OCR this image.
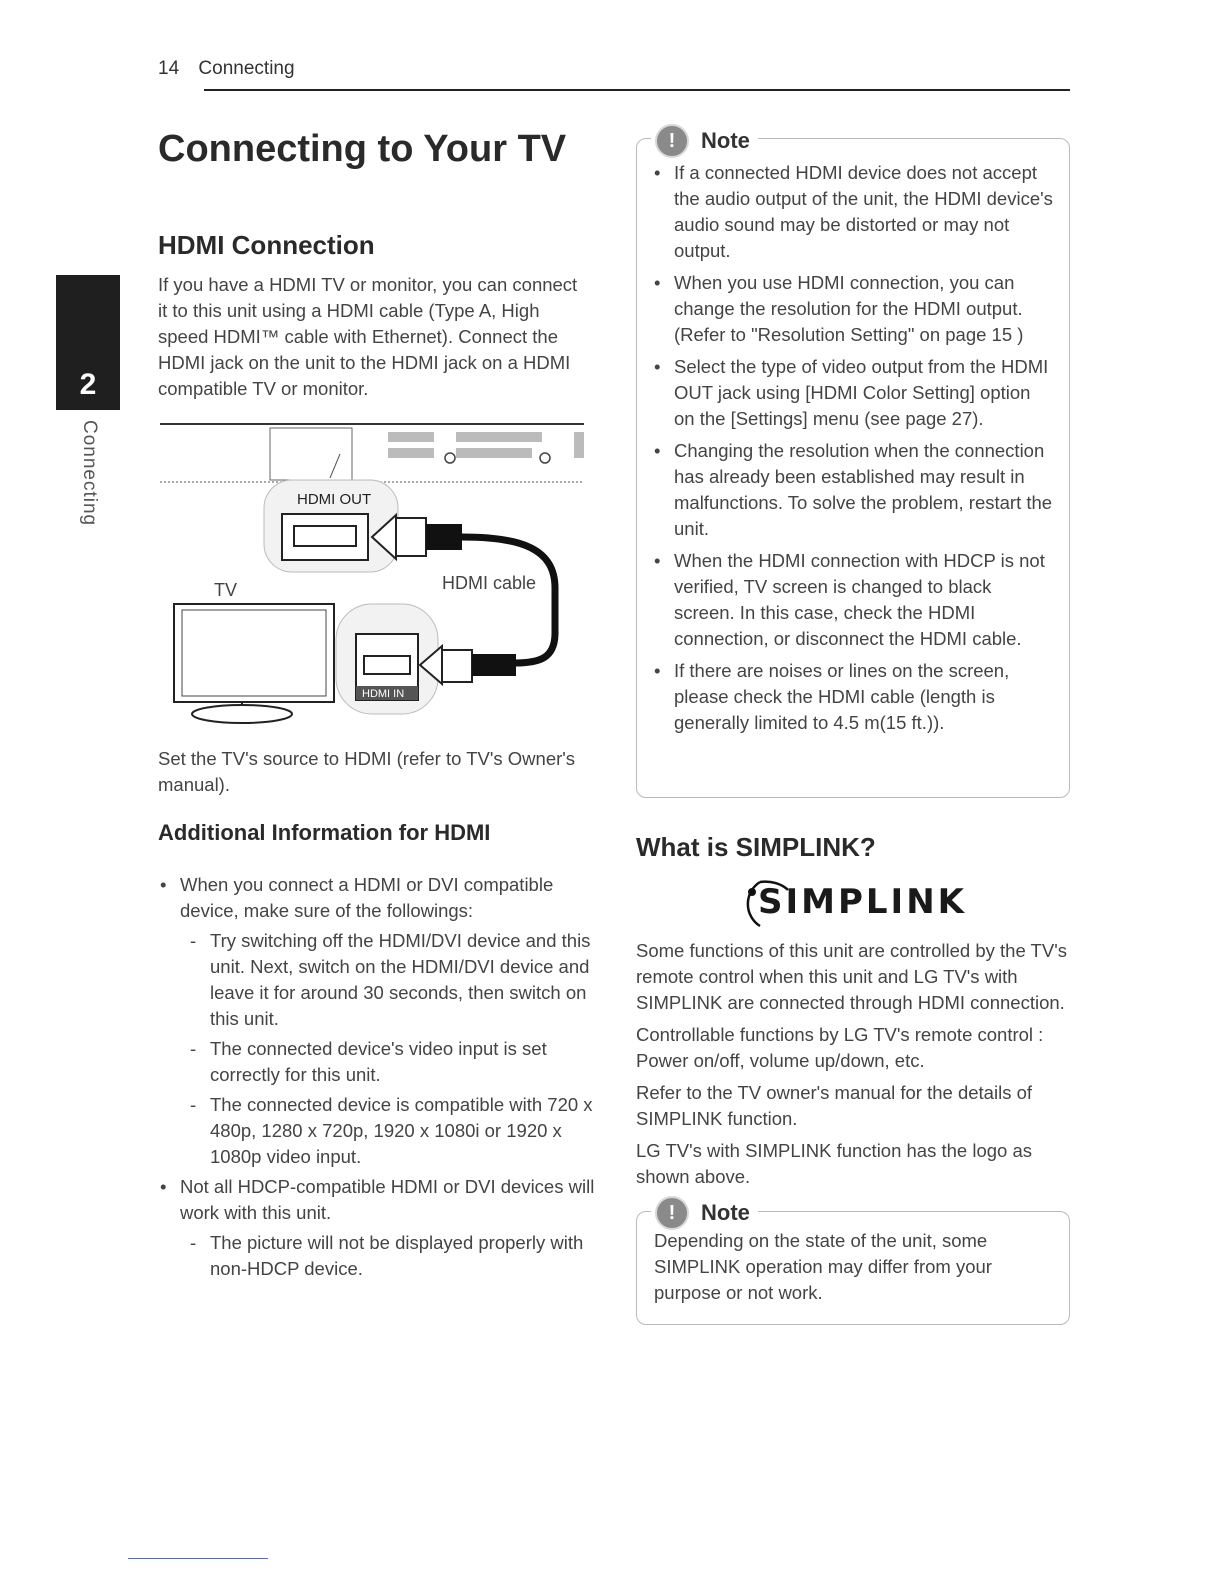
14 Connecting
2
Connecting
Connecting to Your TV
HDMI Connection

If you have a HDMI TV or monitor, you can connect it to this unit using a HDMI cable (Type A, High speed HDMI™ cable with Ethernet). Connect the HDMI jack on the unit to the HDMI jack on a HDMI compatible TV or monitor.

HDMI OUT
HDMI cable
TV
HDMI IN

Set the TV's source to HDMI (refer to TV's Owner's manual).

Additional Information for HDMI
• When you connect a HDMI or DVI compatible device, make sure of the followings:
- Try switching off the HDMI/DVI device and this unit. Next, switch on the HDMI/DVI device and leave it for around 30 seconds, then switch on this unit.
- The connected device's video input is set correctly for this unit.
- The connected device is compatible with 720 x 480p, 1280 x 720p, 1920 x 1080i or 1920 x 1080p video input.
• Not all HDCP-compatible HDMI or DVI devices will work with this unit.
- The picture will not be displayed properly with non-HDCP device.
!	Note
• If a connected HDMI device does not accept the audio output of the unit, the HDMI device's audio sound may be distorted or may not output.
• When you use HDMI connection, you can change the resolution for the HDMI output. (Refer to "Resolution Setting" on page 15 )
• Select the type of video output from the HDMI OUT jack using [HDMI Color Setting] option on the [Settings] menu (see page 27).
• Changing the resolution when the connection has already been established may result in malfunctions. To solve the problem, restart the unit.
• When the HDMI connection with HDCP is not verified, TV screen is changed to black screen. In this case, check the HDMI connection, or disconnect the HDMI cable.
• If there are noises or lines on the screen, please check the HDMI cable (length is generally limited to 4.5 m(15 ft.)).
What is SIMPLINK?
SIMPLINK

Some functions of this unit are controlled by the TV's remote control when this unit and LG TV's with SIMPLINK are connected through HDMI connection.

Controllable functions by LG TV's remote control : Power on/off, volume up/down, etc.

Refer to the TV owner's manual for the details of SIMPLINK function.

LG TV's with SIMPLINK function has the logo as shown above.

!	Note

Depending on the state of the unit, some SIMPLINK operation may differ from your purpose or not work.
